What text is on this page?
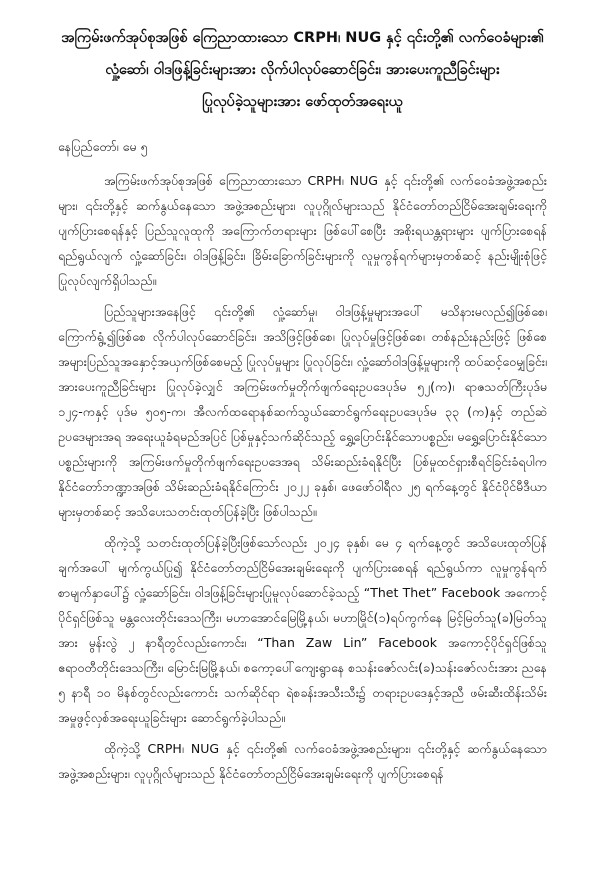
အကြမ်းဖက်အုပ်စုအဖြစ် ကြေညာထားသော CRPH၊ NUG နှင့် ၎င်းတို့၏ လက်ဝေခံများ၏
လှုံ့ဆော်၊ ဝါဒဖြန့်ခြင်းများအား လိုက်ပါလုပ်ဆောင်ခြင်း၊ အားပေးကူညီခြင်းများ
ပြုလုပ်ခဲ့သူများအား ဖော်ထုတ်အရေးယူ
နေပြည်တော်၊ မေ ၅

အကြမ်းဖက်အုပ်စုအဖြစ် ကြေညာထားသော CRPH၊ NUG နှင့် ၎င်းတို့၏ လက်ဝေခံအဖွဲ့အစည်းများ၊ ၎င်းတို့နှင့် ဆက်နွယ်နေသော အဖွဲ့အစည်းများ၊ လူပုဂ္ဂိုလ်များသည် နိုင်ငံတော်တည်ငြိမ်အေးချမ်းရေးကို ပျက်ပြားစေရန်နှင့် ပြည်သူလူထုကို အကြောက်တရားများ ဖြစ်ပေါ်စေပြီး အစိုးရယန္တရားများ ပျက်ပြားစေရန် ရည်ရွယ်လျက် လှုံ့ဆော်ခြင်း၊ ဝါဒဖြန့်ခြင်း၊ ခြိမ်းခြောက်ခြင်းများကို လူမှုကွန်ရက်များမှတစ်ဆင့် နည်းမျိုးစုံဖြင့် ပြုလုပ်လျက်ရှိပါသည်။

ပြည်သူများအနေဖြင့် ၎င်းတို့၏ လှုံ့ဆော်မှု၊ ဝါဒဖြန့်မှုများအပေါ် မသိနားမလည်၍ဖြစ်စေ၊ ကြောက်ရွံ့၍ဖြစ်စေ လိုက်ပါလုပ်ဆောင်ခြင်း၊ အသိဖြင့်ဖြစ်စေ၊ ပြုလုပ်မှုဖြင့်ဖြစ်စေ၊ တစ်နည်းနည်းဖြင့် ဖြစ်စေ အများပြည်သူအနှောင့်အယှက်ဖြစ်စေမည့် ပြုလုပ်မှုများ ပြုလုပ်ခြင်း၊ လှုံ့ဆော်ဝါဒဖြန့်မှုများကို ထပ်ဆင့်ဝေမျှခြင်း၊ အားပေးကူညီခြင်းများ ပြုလုပ်ခဲ့လျှင် အကြမ်းဖက်မှုတိုက်ဖျက်ရေးဥပဒေပုဒ်မ ၅၂(က)၊ ရာဇသတ်ကြီးပုဒ်မ ၁၂၄-ကနှင့် ပုဒ်မ ၅၀၅-က၊ အီလက်ထရောနစ်ဆက်သွယ်ဆောင်ရွက်ရေးဥပဒေပုဒ်မ ၃၃ (က)နှင့် တည်ဆဲဥပဒေများအရ အရေးယူခံရမည်အပြင် ပြစ်မှုနှင့်သက်ဆိုင်သည့် ရွှေ့ပြောင်းနိုင်သောပစ္စည်း၊ မရွှေ့ပြောင်းနိုင်သောပစ္စည်းများကို အကြမ်းဖက်မှုတိုက်ဖျက်ရေးဥပဒေအရ သိမ်းဆည်းခံရနိုင်ပြီး ပြစ်မှုထင်ရှားစီရင်ခြင်းခံရပါက နိုင်ငံတော်ဘဏ္ဍာအဖြစ် သိမ်းဆည်းခံရနိုင်ကြောင်း ၂၀၂၂ ခုနှစ်၊ ဖေဖော်ဝါရီလ ၂၅ ရက်နေ့တွင် နိုင်ငံပိုင်မီဒီယာများမှတစ်ဆင့် အသိပေးသတင်းထုတ်ပြန်ခဲ့ပြီး ဖြစ်ပါသည်။

ထိုကဲ့သို့ သတင်းထုတ်ပြန်ခဲ့ပြီးဖြစ်သော်လည်း ၂၀၂၄ ခုနှစ်၊ မေ ၄ ရက်နေ့တွင် အသိပေးထုတ်ပြန်ချက်အပေါ် မျက်ကွယ်ပြု၍ နိုင်ငံတော်တည်ငြိမ်အေးချမ်းရေးကို ပျက်ပြားစေရန် ရည်ရွယ်ကာ လူမှုကွန်ရက်စာမျက်နှာပေါ်၌ လှုံ့ဆော်ခြင်း၊ ဝါဒဖြန့်ခြင်းများပြုမူလုပ်ဆောင်ခဲ့သည့် “Thet Thet” Facebook အကောင့်ပိုင်ရှင်ဖြစ်သူ မန္တလေးတိုင်းဒေသကြီး၊ မဟာအောင်မြေမြို့နယ်၊ မဟာမြိုင်(၁)ရပ်ကွက်နေ မြင့်မြတ်သူ(ခ)မြတ်သူအား မွန်းလွဲ ၂ နာရီတွင်လည်းကောင်း၊ “Than Zaw Lin” Facebook အကောင့်ပိုင်ရှင်ဖြစ်သူ ဧရာဝတီတိုင်းဒေသကြီး၊ မြောင်းမြမြို့နယ်၊ စကော့ပေါ်ကျေးရွာနေ စသန်းဇော်လင်း(ခ)သန်းဇော်လင်းအား ညနေ ၅ နာရီ ၁၀ မိနစ်တွင်လည်းကောင်း သက်ဆိုင်ရာ ရဲစခန်းအသီးသီး၌ တရားဥပဒေနှင့်အညီ ဖမ်းဆီးထိန်းသိမ်းအမှုဖွင့်လှစ်အရေးယူခြင်းများ ဆောင်ရွက်ခဲ့ပါသည်။

ထိုကဲ့သို့ CRPH၊ NUG နှင့် ၎င်းတို့၏ လက်ဝေခံအဖွဲ့အစည်းများ၊ ၎င်းတို့နှင့် ဆက်နွယ်နေသော အဖွဲ့အစည်းများ၊ လူပုဂ္ဂိုလ်များသည် နိုင်ငံတော်တည်ငြိမ်အေးချမ်းရေးကို ပျက်ပြားစေရန်
